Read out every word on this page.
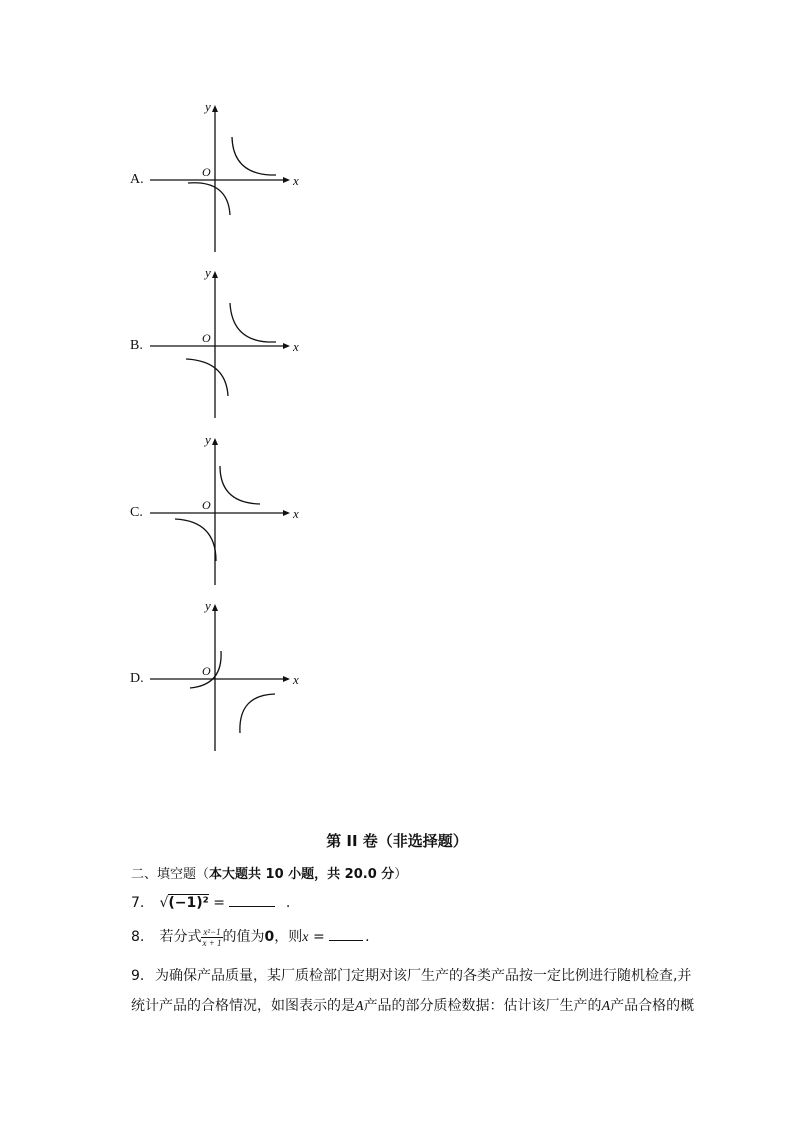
A.	x
y
O
B.	x
y
O
C.	x
y
O
D.	x
y
O
第 II 卷（非选择题）
二、填空题（本大题共 10 小题，共 20.0 分）
7. √(−1)² =	.
8. 若分式 $\frac{\text{x²−1}}{x + 1}$ 的值为0，则x =	.
9. 为确保产品质量，某厂质检部门定期对该厂生产的各类产品按一定比例进行随机检查,并
统计产品的合格情况，如图表示的是A产品的部分质检数据：估计该厂生产的A产品合格的概
